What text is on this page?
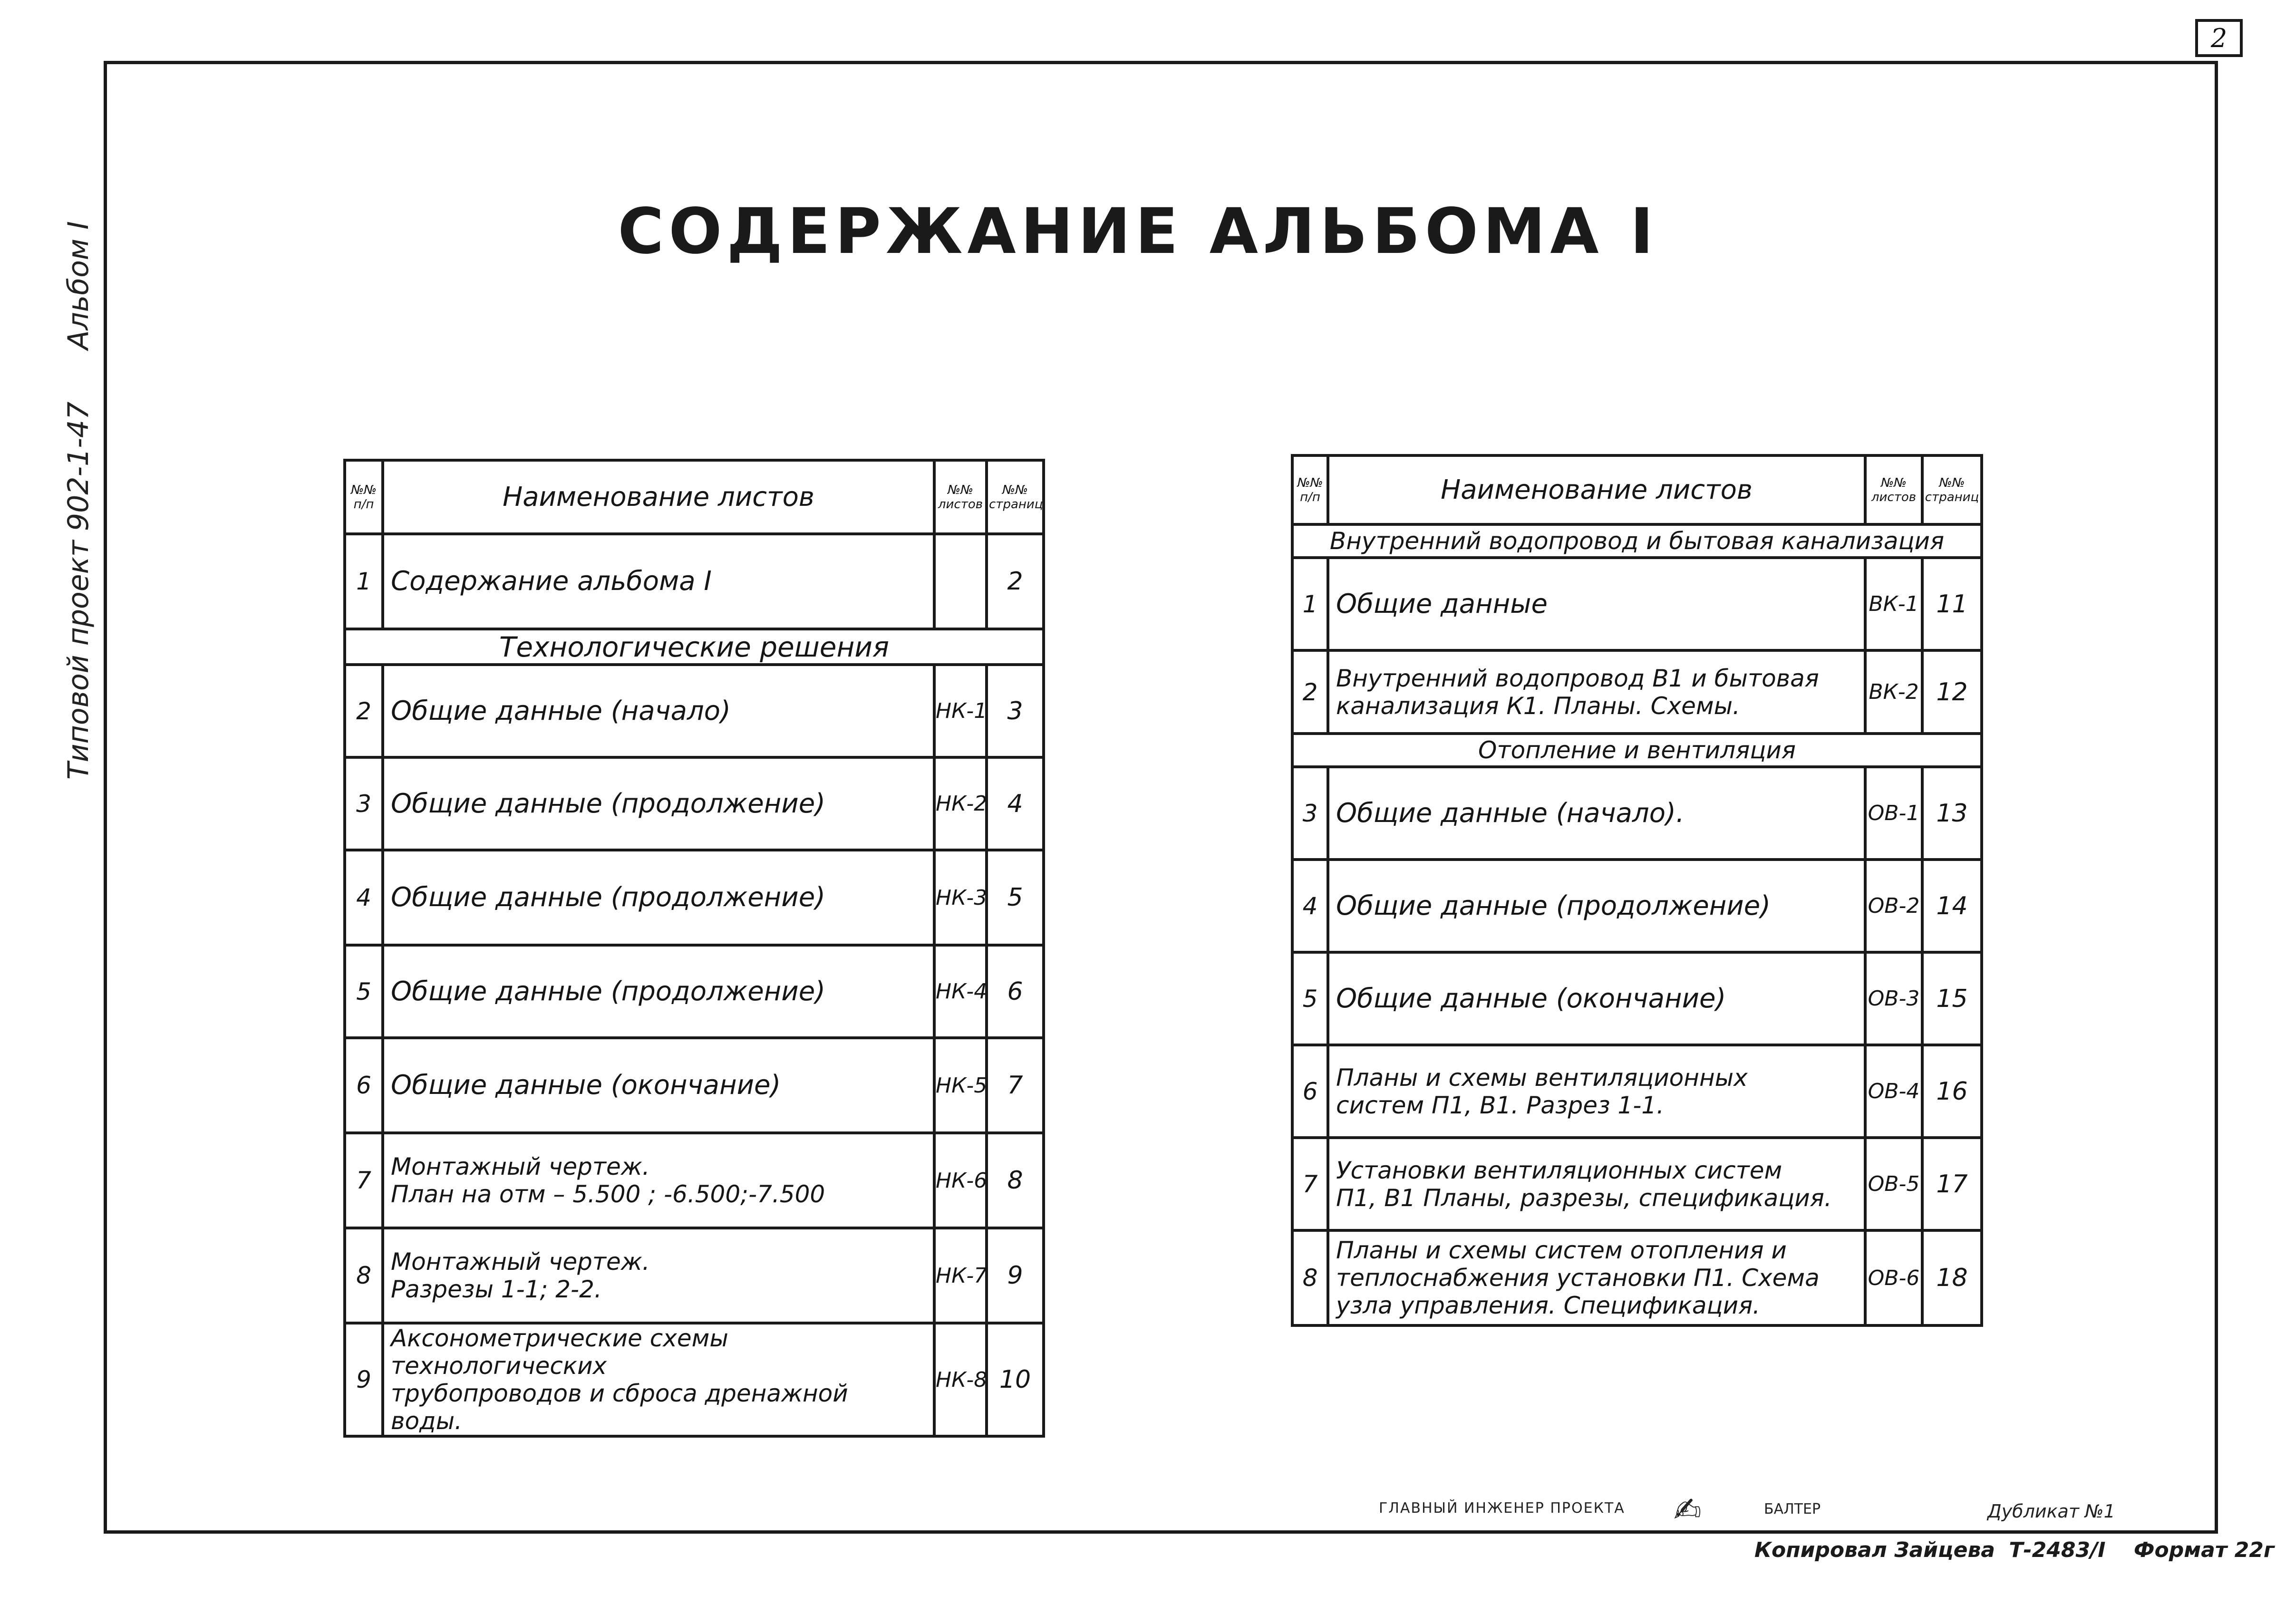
2
Типовой проект 902-1-47 Альбом I	СОДЕРЖАНИЕ АЛЬБОМА I
№№ п/п	Наименование листов	№№ листов	№№ страниц
1	Содержание альбома I		2
Технологические решения			
2	Общие данные (начало)	НК-1	3
3	Общие данные (продолжение)	НК-2	4
4	Общие данные (продолжение)	НК-3	5
5	Общие данные (продолжение)	НК-4	6
6	Общие данные (окончание)	НК-5	7
7	Монтажный чертеж.
План на отм – 5.500 ; -6.500;-7.500	НК-6	8
8	Монтажный чертеж.
Разрезы 1-1; 2-2.	НК-7	9
9	Аксонометрические схемы технологических
трубопроводов и сброса дренажной воды.	НК-8	10
№№ п/п	Наименование листов	№№ листов	№№ страниц
Внутренний водопровод и бытовая канализация			
1	Общие данные	ВК-1	11
2	Внутренний водопровод В1 и бытовая
канализация К1. Планы. Схемы.	ВК-2	12
Отопление и вентиляция			
3	Общие данные (начало).	ОВ-1	13
4	Общие данные (продолжение)	ОВ-2	14
5	Общие данные (окончание)	ОВ-3	15
6	Планы и схемы вентиляционных
систем П1, В1. Разрез 1-1.	ОВ-4	16
7	Установки вентиляционных систем
П1, В1 Планы, разрезы, спецификация.	ОВ-5	17
8	Планы и схемы систем отопления и
теплоснабжения установки П1. Схема
узла управления. Спецификация.	ОВ-6	18
ГЛАВНЫЙ ИНЖЕНЕР ПРОЕКТА ✍	БАЛТЕР	Дубликат №1
Копировал Зайцева Т-2483/I Формат 22г
